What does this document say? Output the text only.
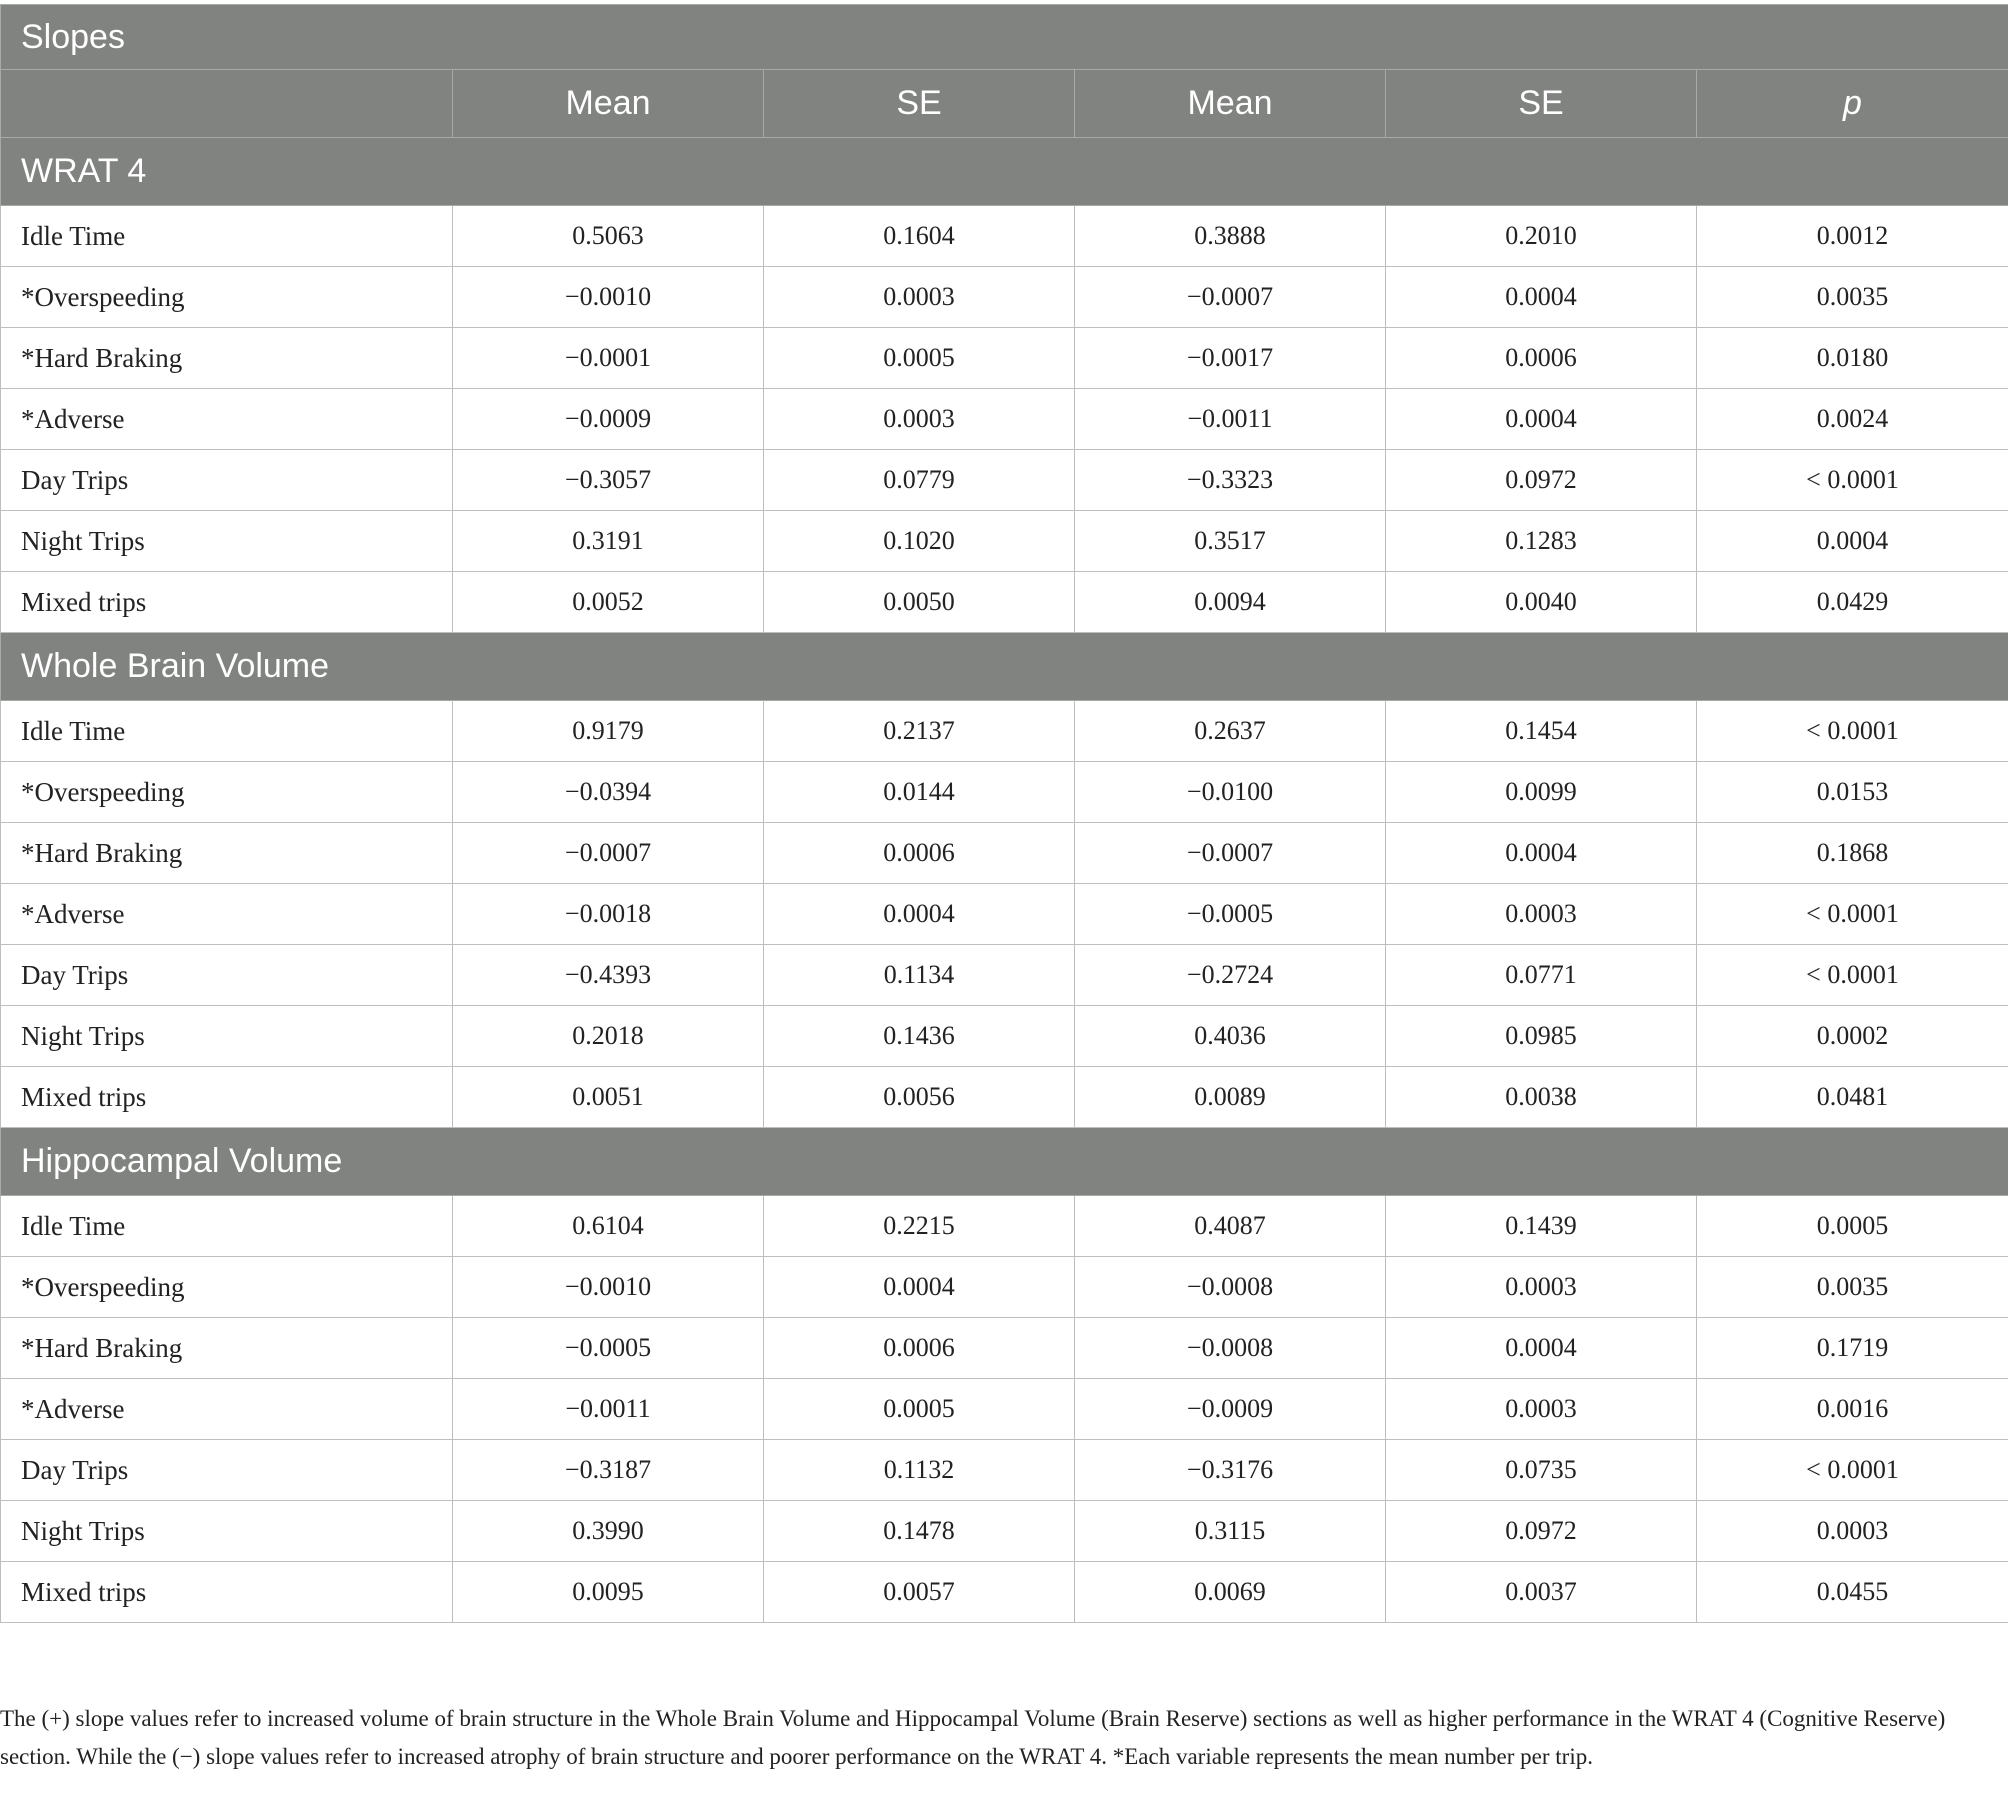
Slopes					
	Mean	SE	Mean	SE	p
WRAT 4					
Idle Time	0.5063	0.1604	0.3888	0.2010	0.0012
*Overspeeding	−0.0010	0.0003	−0.0007	0.0004	0.0035
*Hard Braking	−0.0001	0.0005	−0.0017	0.0006	0.0180
*Adverse	−0.0009	0.0003	−0.0011	0.0004	0.0024
Day Trips	−0.3057	0.0779	−0.3323	0.0972	< 0.0001
Night Trips	0.3191	0.1020	0.3517	0.1283	0.0004
Mixed trips	0.0052	0.0050	0.0094	0.0040	0.0429
Whole Brain Volume					
Idle Time	0.9179	0.2137	0.2637	0.1454	< 0.0001
*Overspeeding	−0.0394	0.0144	−0.0100	0.0099	0.0153
*Hard Braking	−0.0007	0.0006	−0.0007	0.0004	0.1868
*Adverse	−0.0018	0.0004	−0.0005	0.0003	< 0.0001
Day Trips	−0.4393	0.1134	−0.2724	0.0771	< 0.0001
Night Trips	0.2018	0.1436	0.4036	0.0985	0.0002
Mixed trips	0.0051	0.0056	0.0089	0.0038	0.0481
Hippocampal Volume					
Idle Time	0.6104	0.2215	0.4087	0.1439	0.0005
*Overspeeding	−0.0010	0.0004	−0.0008	0.0003	0.0035
*Hard Braking	−0.0005	0.0006	−0.0008	0.0004	0.1719
*Adverse	−0.0011	0.0005	−0.0009	0.0003	0.0016
Day Trips	−0.3187	0.1132	−0.3176	0.0735	< 0.0001
Night Trips	0.3990	0.1478	0.3115	0.0972	0.0003
Mixed trips	0.0095	0.0057	0.0069	0.0037	0.0455
The (+) slope values refer to increased volume of brain structure in the Whole Brain Volume and Hippocampal Volume (Brain Reserve) sections as well as higher performance in the WRAT 4 (Cognitive Reserve) section. While the (−) slope values refer to increased atrophy of brain structure and poorer performance on the WRAT 4. *Each variable represents the mean number per trip.
